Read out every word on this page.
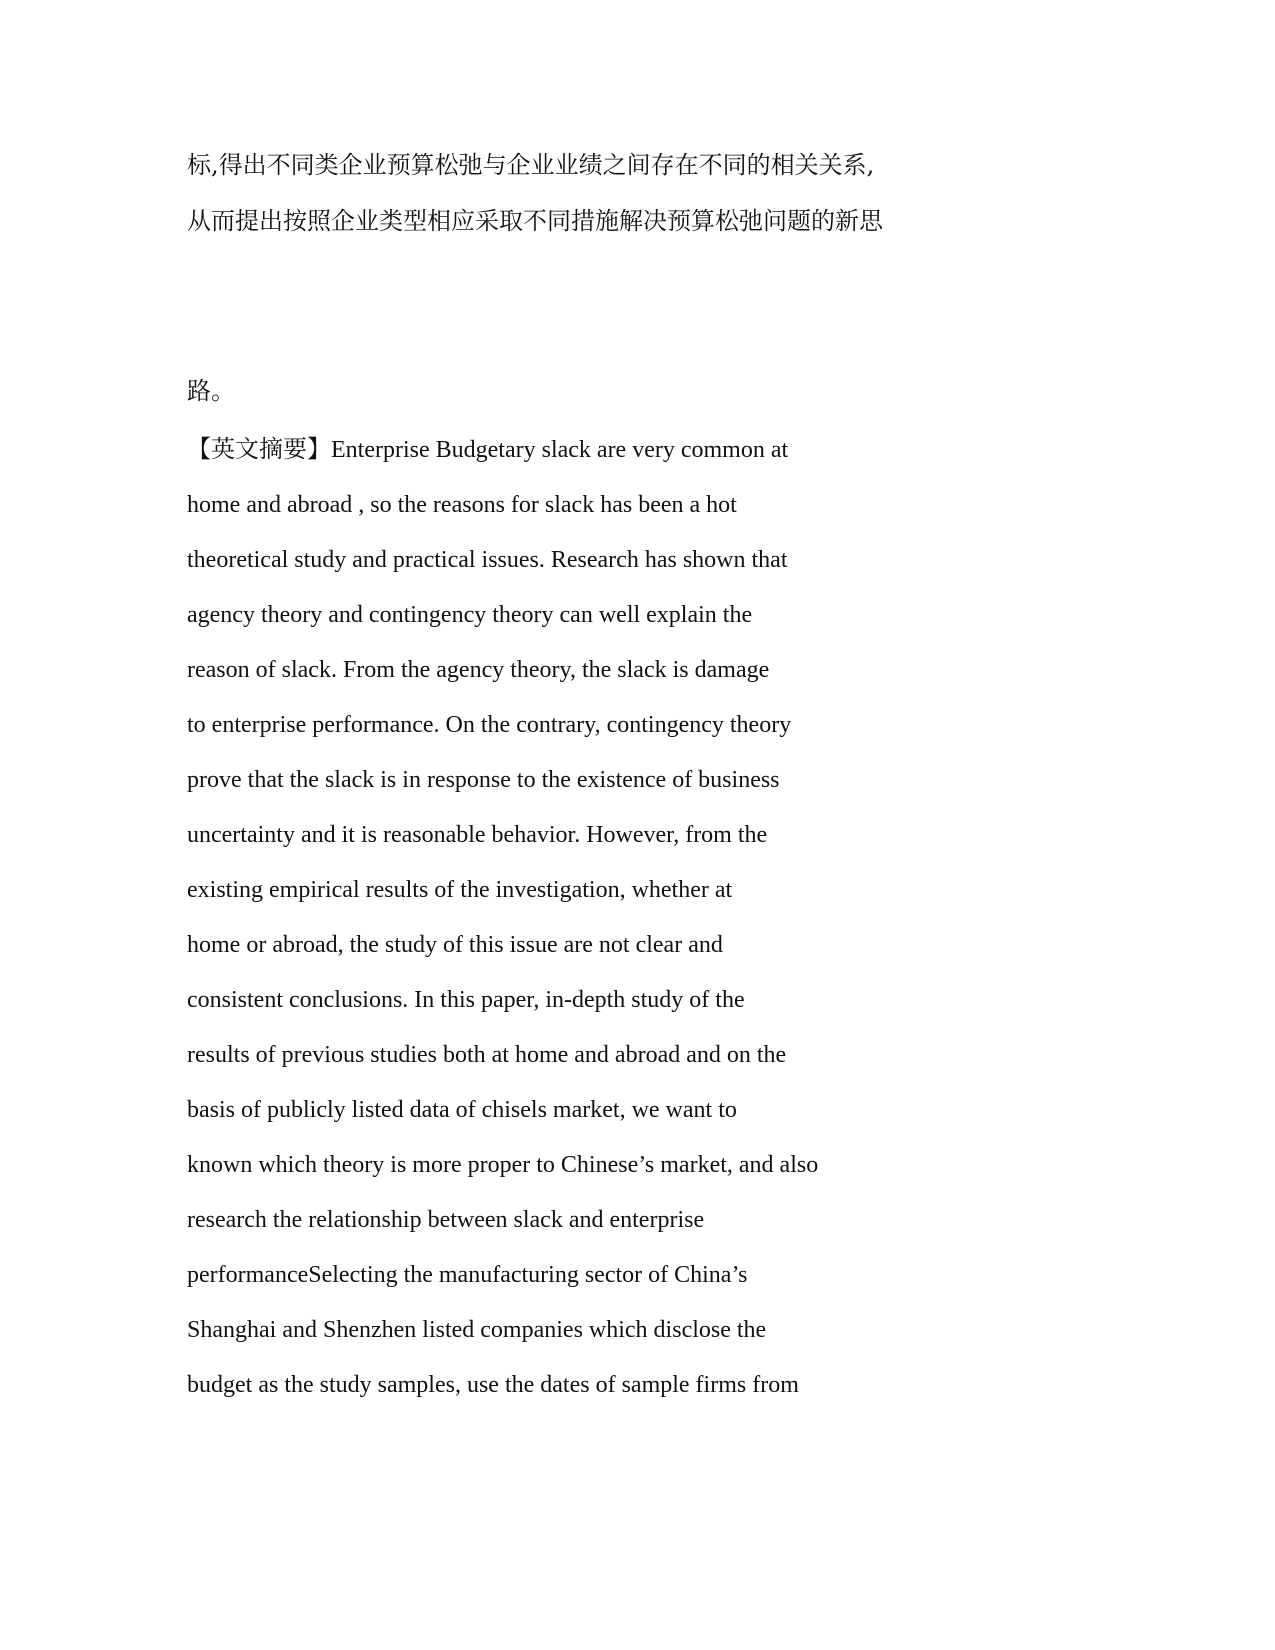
标,得出不同类企业预算松弛与企业业绩之间存在不同的相关关系,
从而提出按照企业类型相应采取不同措施解决预算松弛问题的新思
路。
【英文摘要】Enterprise Budgetary slack are very common at
home and abroad , so the reasons for slack has been a hot
theoretical study and practical issues. Research has shown that
agency theory and contingency theory can well explain the
reason of slack. From the agency theory, the slack is damage
to enterprise performance. On the contrary, contingency theory
prove that the slack is in response to the existence of business
uncertainty and it is reasonable behavior. However, from the
existing empirical results of the investigation, whether at
home or abroad, the study of this issue are not clear and
consistent conclusions. In this paper, in-depth study of the
results of previous studies both at home and abroad and on the
basis of publicly listed data of chisels market, we want to
known which theory is more proper to Chinese’s market, and also
research the relationship between slack and enterprise
performanceSelecting the manufacturing sector of China’s
Shanghai and Shenzhen listed companies which disclose the
budget as the study samples, use the dates of sample firms from
